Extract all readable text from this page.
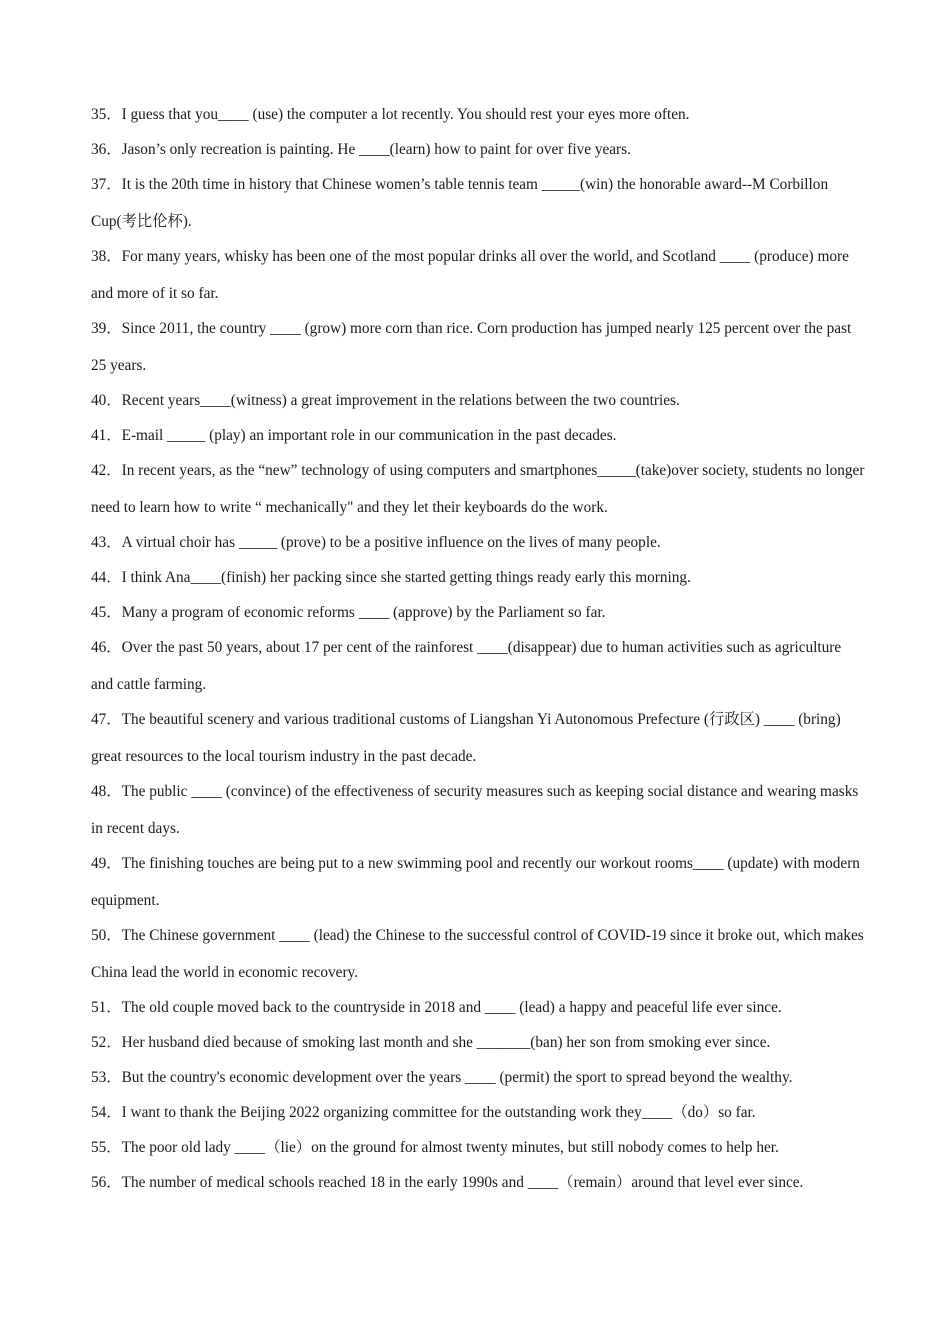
35．I guess that you____ (use) the computer a lot recently. You should rest your eyes more often.

36．Jason’s only recreation is painting. He ____(learn) how to paint for over five years.

37．It is the 20th time in history that Chinese women’s table tennis team _____(win) the honorable award--M Corbillon Cup(考比伦杯).

38．For many years, whisky has been one of the most popular drinks all over the world, and Scotland ____ (produce) more and more of it so far.

39．Since 2011, the country ____ (grow) more corn than rice. Corn production has jumped nearly 125 percent over the past 25 years.

40．Recent years____(witness) a great improvement in the relations between the two countries.

41．E-mail _____ (play) an important role in our communication in the past decades.

42．In recent years, as the “new” technology of using computers and smartphones_____(take)over society, students no longer need to learn how to write “ mechanically" and they let their keyboards do the work.

43．A virtual choir has _____ (prove) to be a positive influence on the lives of many people.

44．I think Ana____(finish) her packing since she started getting things ready early this morning.

45．Many a program of economic reforms ____ (approve) by the Parliament so far.

46．Over the past 50 years, about 17 per cent of the rainforest ____(disappear) due to human activities such as agriculture and cattle farming.

47．The beautiful scenery and various traditional customs of Liangshan Yi Autonomous Prefecture (行政区) ____ (bring) great resources to the local tourism industry in the past decade.

48．The public ____ (convince) of the effectiveness of security measures such as keeping social distance and wearing masks in recent days.

49．The finishing touches are being put to a new swimming pool and recently our workout rooms____ (update) with modern equipment.

50．The Chinese government ____ (lead) the Chinese to the successful control of COVID-19 since it broke out, which makes China lead the world in economic recovery.

51．The old couple moved back to the countryside in 2018 and ____ (lead) a happy and peaceful life ever since.

52．Her husband died because of smoking last month and she _______(ban) her son from smoking ever since.

53．But the country's economic development over the years ____ (permit) the sport to spread beyond the wealthy.

54．I want to thank the Beijing 2022 organizing committee for the outstanding work they____（do）so far.

55．The poor old lady ____（lie）on the ground for almost twenty minutes, but still nobody comes to help her.

56．The number of medical schools reached 18 in the early 1990s and ____（remain）around that level ever since.
